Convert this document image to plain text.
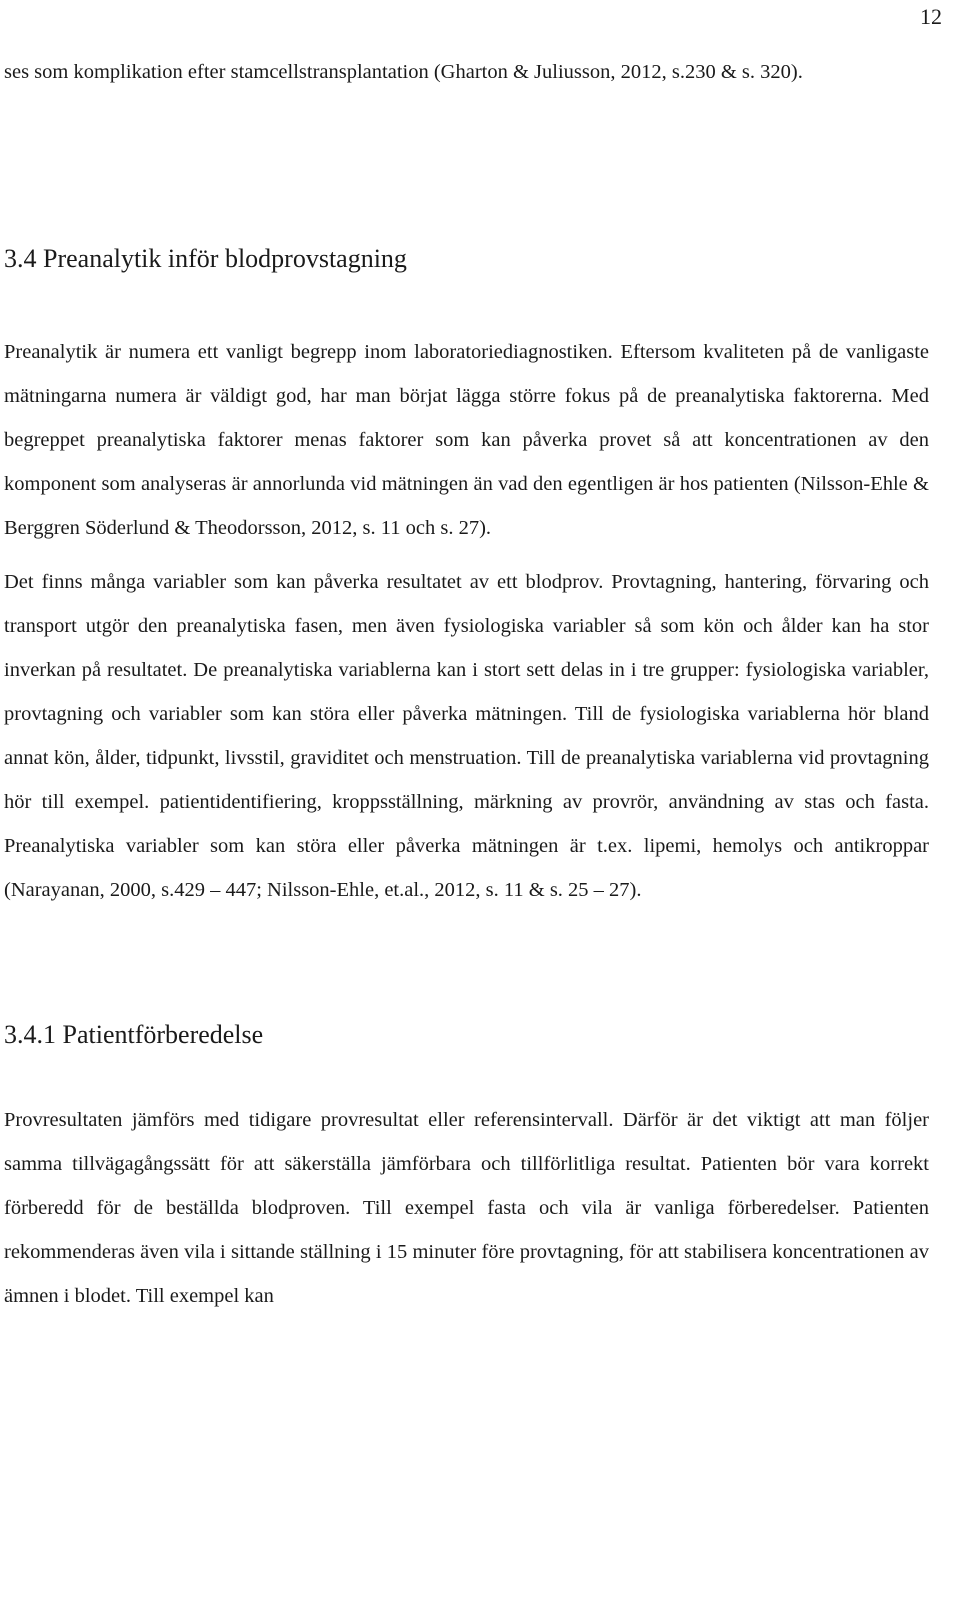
12

ses som komplikation efter stamcellstransplantation (Gharton & Juliusson, 2012, s.230 & s. 320).

3.4 Preanalytik inför blodprovstagning

Preanalytik är numera ett vanligt begrepp inom laboratoriediagnostiken. Eftersom kvaliteten på de vanligaste mätningarna numera är väldigt god, har man börjat lägga större fokus på de preanalytiska faktorerna. Med begreppet preanalytiska faktorer menas faktorer som kan påverka provet så att koncentrationen av den komponent som analyseras är annorlunda vid mätningen än vad den egentligen är hos patienten (Nilsson-Ehle & Berggren Söderlund & Theodorsson, 2012, s. 11 och s. 27).

Det finns många variabler som kan påverka resultatet av ett blodprov. Provtagning, hantering, förvaring och transport utgör den preanalytiska fasen, men även fysiologiska variabler så som kön och ålder kan ha stor inverkan på resultatet. De preanalytiska variablerna kan i stort sett delas in i tre grupper: fysiologiska variabler, provtagning och variabler som kan störa eller påverka mätningen. Till de fysiologiska variablerna hör bland annat kön, ålder, tidpunkt, livsstil, graviditet och menstruation. Till de preanalytiska variablerna vid provtagning hör till exempel. patientidentifiering, kroppsställning, märkning av provrör, användning av stas och fasta. Preanalytiska variabler som kan störa eller påverka mätningen är t.ex. lipemi, hemolys och antikroppar (Narayanan, 2000, s.429 – 447; Nilsson-Ehle, et.al., 2012, s. 11 & s. 25 – 27).

3.4.1 Patientförberedelse

Provresultaten jämförs med tidigare provresultat eller referensintervall. Därför är det viktigt att man följer samma tillvägagångssätt för att säkerställa jämförbara och tillförlitliga resultat. Patienten bör vara korrekt förberedd för de beställda blodproven. Till exempel fasta och vila är vanliga förberedelser. Patienten rekommenderas även vila i sittande ställning i 15 minuter före provtagning, för att stabilisera koncentrationen av ämnen i blodet. Till exempel kan
